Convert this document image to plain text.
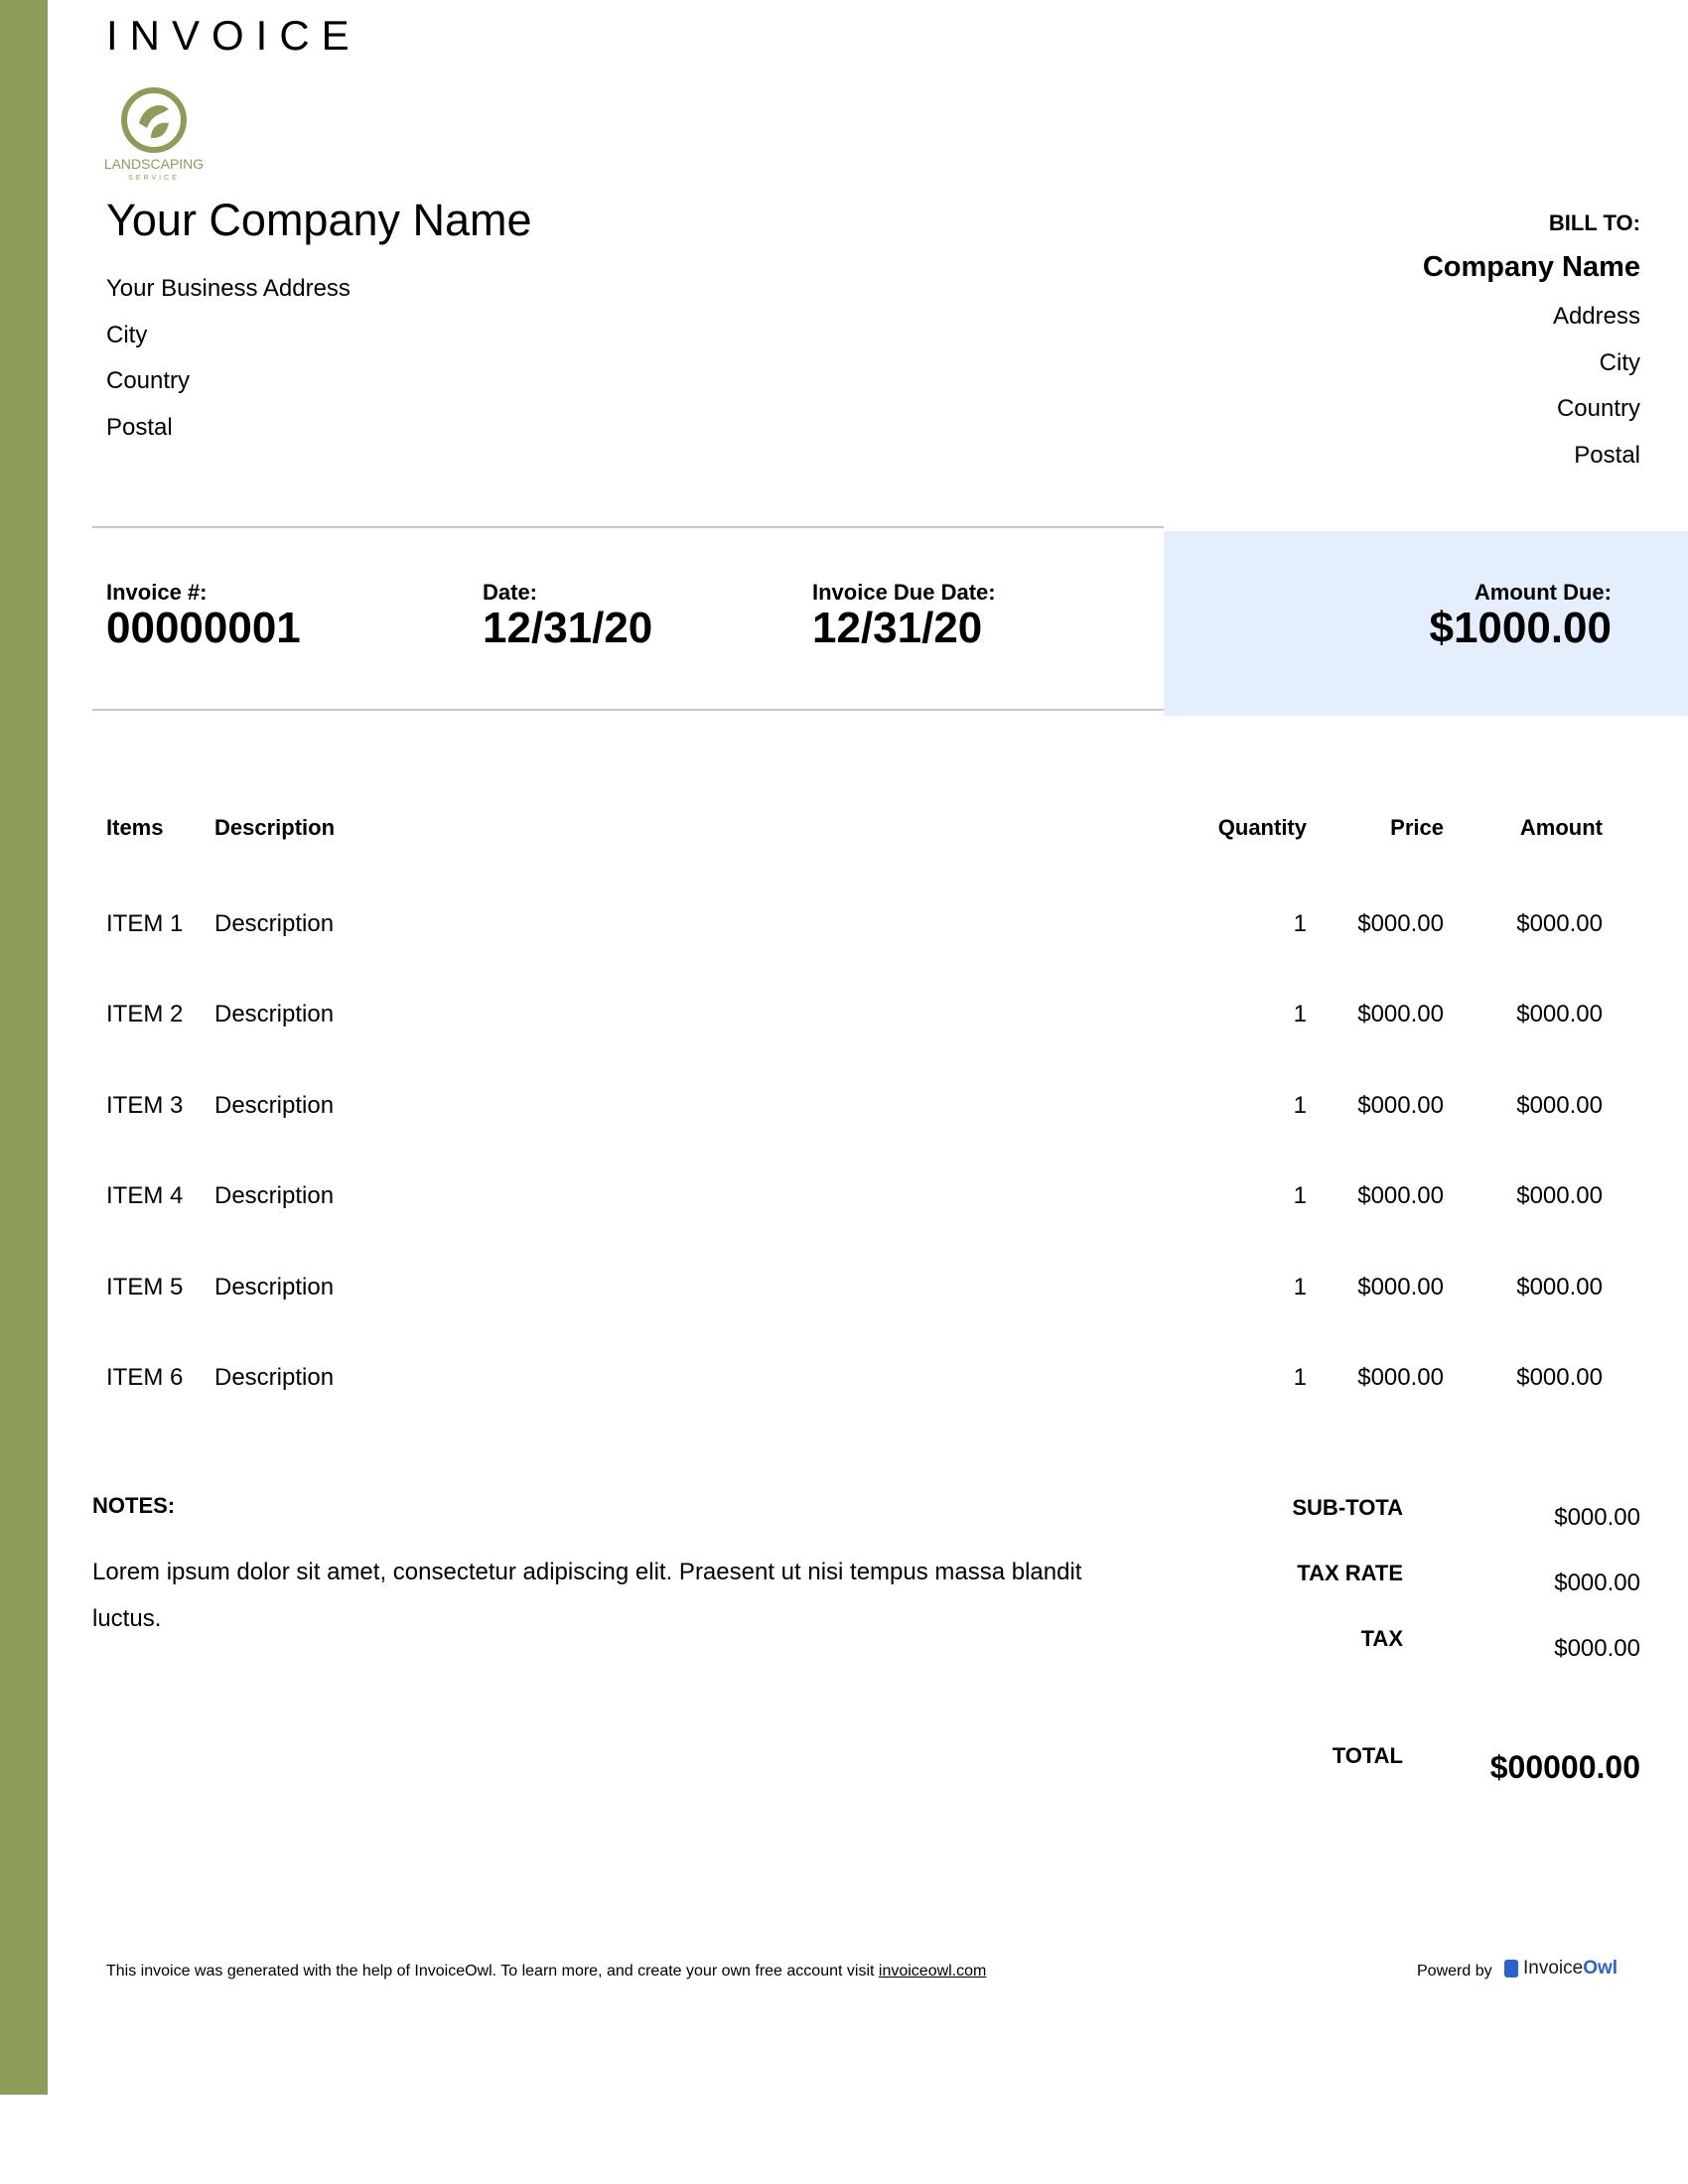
INVOICE
LANDSCAPING
SERVICE
Your Company Name
Your Business Address
City
Country
Postal
BILL TO:
Company Name
Address
City
Country
Postal
Invoice #:
00000001
Date:
12/31/20
Invoice Due Date:
12/31/20
Amount Due:
$1000.00
Items Description	Quantity	Price	Amount
ITEM 1 Description	1 $000.00	$000.00
ITEM 2 Description	1 $000.00	$000.00
ITEM 3 Description	1 $000.00	$000.00
ITEM 4 Description	1 $000.00	$000.00
ITEM 5 Description	1 $000.00	$000.00
ITEM 6 Description	1 $000.00	$000.00
NOTES:
Lorem ipsum dolor sit amet, consectetur adipiscing elit. Praesent ut nisi tempus massa blandit luctus.
SUB-TOTA	$000.00
TAX RATE	$000.00
TAX	$000.00
TOTAL	$00000.00
This invoice was generated with the help of InvoiceOwl. To learn more, and create your own free account visit invoiceowl.com	Powerd by	InvoiceOwl
